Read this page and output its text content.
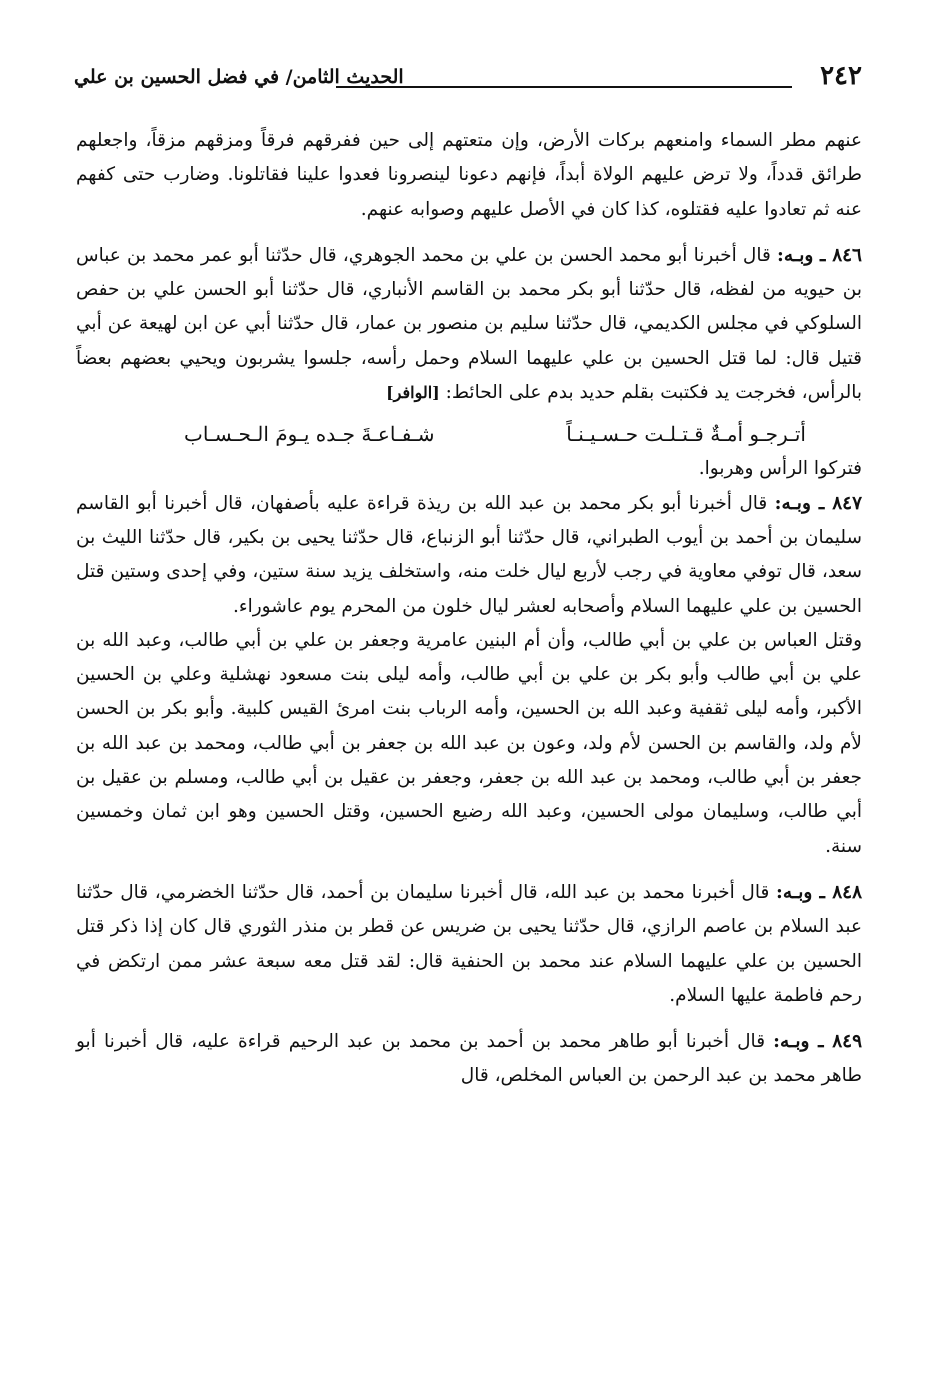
٢٤٢
الحديث الثامن/ في فضل الحسين بن علي

عنهم مطر السماء وامنعهم بركات الأرض، وإن متعتهم إلى حين ففرقهم فرقاً ومزقهم مزقاً، واجعلهم طرائق قدداً، ولا ترض عليهم الولاة أبداً، فإنهم دعونا لينصرونا فعدوا علينا فقاتلونا. وضارب حتى كفهم عنه ثم تعادوا عليه فقتلوه، كذا كان في الأصل عليهم وصوابه عنهم.

٨٤٦ ـ وبـه: قال أخبرنا أبو محمد الحسن بن علي بن محمد الجوهري، قال حدّثنا أبو عمر محمد بن عباس بن حيويه من لفظه، قال حدّثنا أبو بكر محمد بن القاسم الأنباري، قال حدّثنا أبو الحسن علي بن حفص السلوكي في مجلس الكديمي، قال حدّثنا سليم بن منصور بن عمار، قال حدّثنا أبي عن ابن لهيعة عن أبي قتيل قال: لما قتل الحسين بن علي عليهما السلام وحمل رأسه، جلسوا يشربون ويحيي بعضهم بعضاً بالرأس، فخرجت يد فكتبت بقلم حديد بدم على الحائط: [الوافر]

أتـرجـو أمـةٌ قـتـلـت حـسـيـنـاً
شـفـاعـةَ جـده يـومَ الـحـسـاب

فتركوا الرأس وهربوا.

٨٤٧ ـ وبـه: قال أخبرنا أبو بكر محمد بن عبد الله بن ريذة قراءة عليه بأصفهان، قال أخبرنا أبو القاسم سليمان بن أحمد بن أيوب الطبراني، قال حدّثنا أبو الزنباع، قال حدّثنا يحيى بن بكير، قال حدّثنا الليث بن سعد، قال توفي معاوية في رجب لأربع ليال خلت منه، واستخلف يزيد سنة ستين، وفي إحدى وستين قتل الحسين بن علي عليهما السلام وأصحابه لعشر ليال خلون من المحرم يوم عاشوراء.

وقتل العباس بن علي بن أبي طالب، وأن أم البنين عامرية وجعفر بن علي بن أبي طالب، وعبد الله بن علي بن أبي طالب وأبو بكر بن علي بن أبي طالب، وأمه ليلى بنت مسعود نهشلية وعلي بن الحسين الأكبر، وأمه ليلى ثقفية وعبد الله بن الحسين، وأمه الرباب بنت امرئ القيس كلبية. وأبو بكر بن الحسن لأم ولد، والقاسم بن الحسن لأم ولد، وعون بن عبد الله بن جعفر بن أبي طالب، ومحمد بن عبد الله بن جعفر بن أبي طالب، ومحمد بن عبد الله بن جعفر، وجعفر بن عقيل بن أبي طالب، ومسلم بن عقيل بن أبي طالب، وسليمان مولى الحسين، وعبد الله رضيع الحسين، وقتل الحسين وهو ابن ثمان وخمسين سنة.

٨٤٨ ـ وبـه: قال أخبرنا محمد بن عبد الله، قال أخبرنا سليمان بن أحمد، قال حدّثنا الخضرمي، قال حدّثنا عبد السلام بن عاصم الرازي، قال حدّثنا يحيى بن ضريس عن قطر بن منذر الثوري قال كان إذا ذكر قتل الحسين بن علي عليهما السلام عند محمد بن الحنفية قال: لقد قتل معه سبعة عشر ممن ارتكض في رحم فاطمة عليها السلام.

٨٤٩ ـ وبـه: قال أخبرنا أبو طاهر محمد بن أحمد بن محمد بن عبد الرحيم قراءة عليه، قال أخبرنا أبو طاهر محمد بن عبد الرحمن بن العباس المخلص، قال
